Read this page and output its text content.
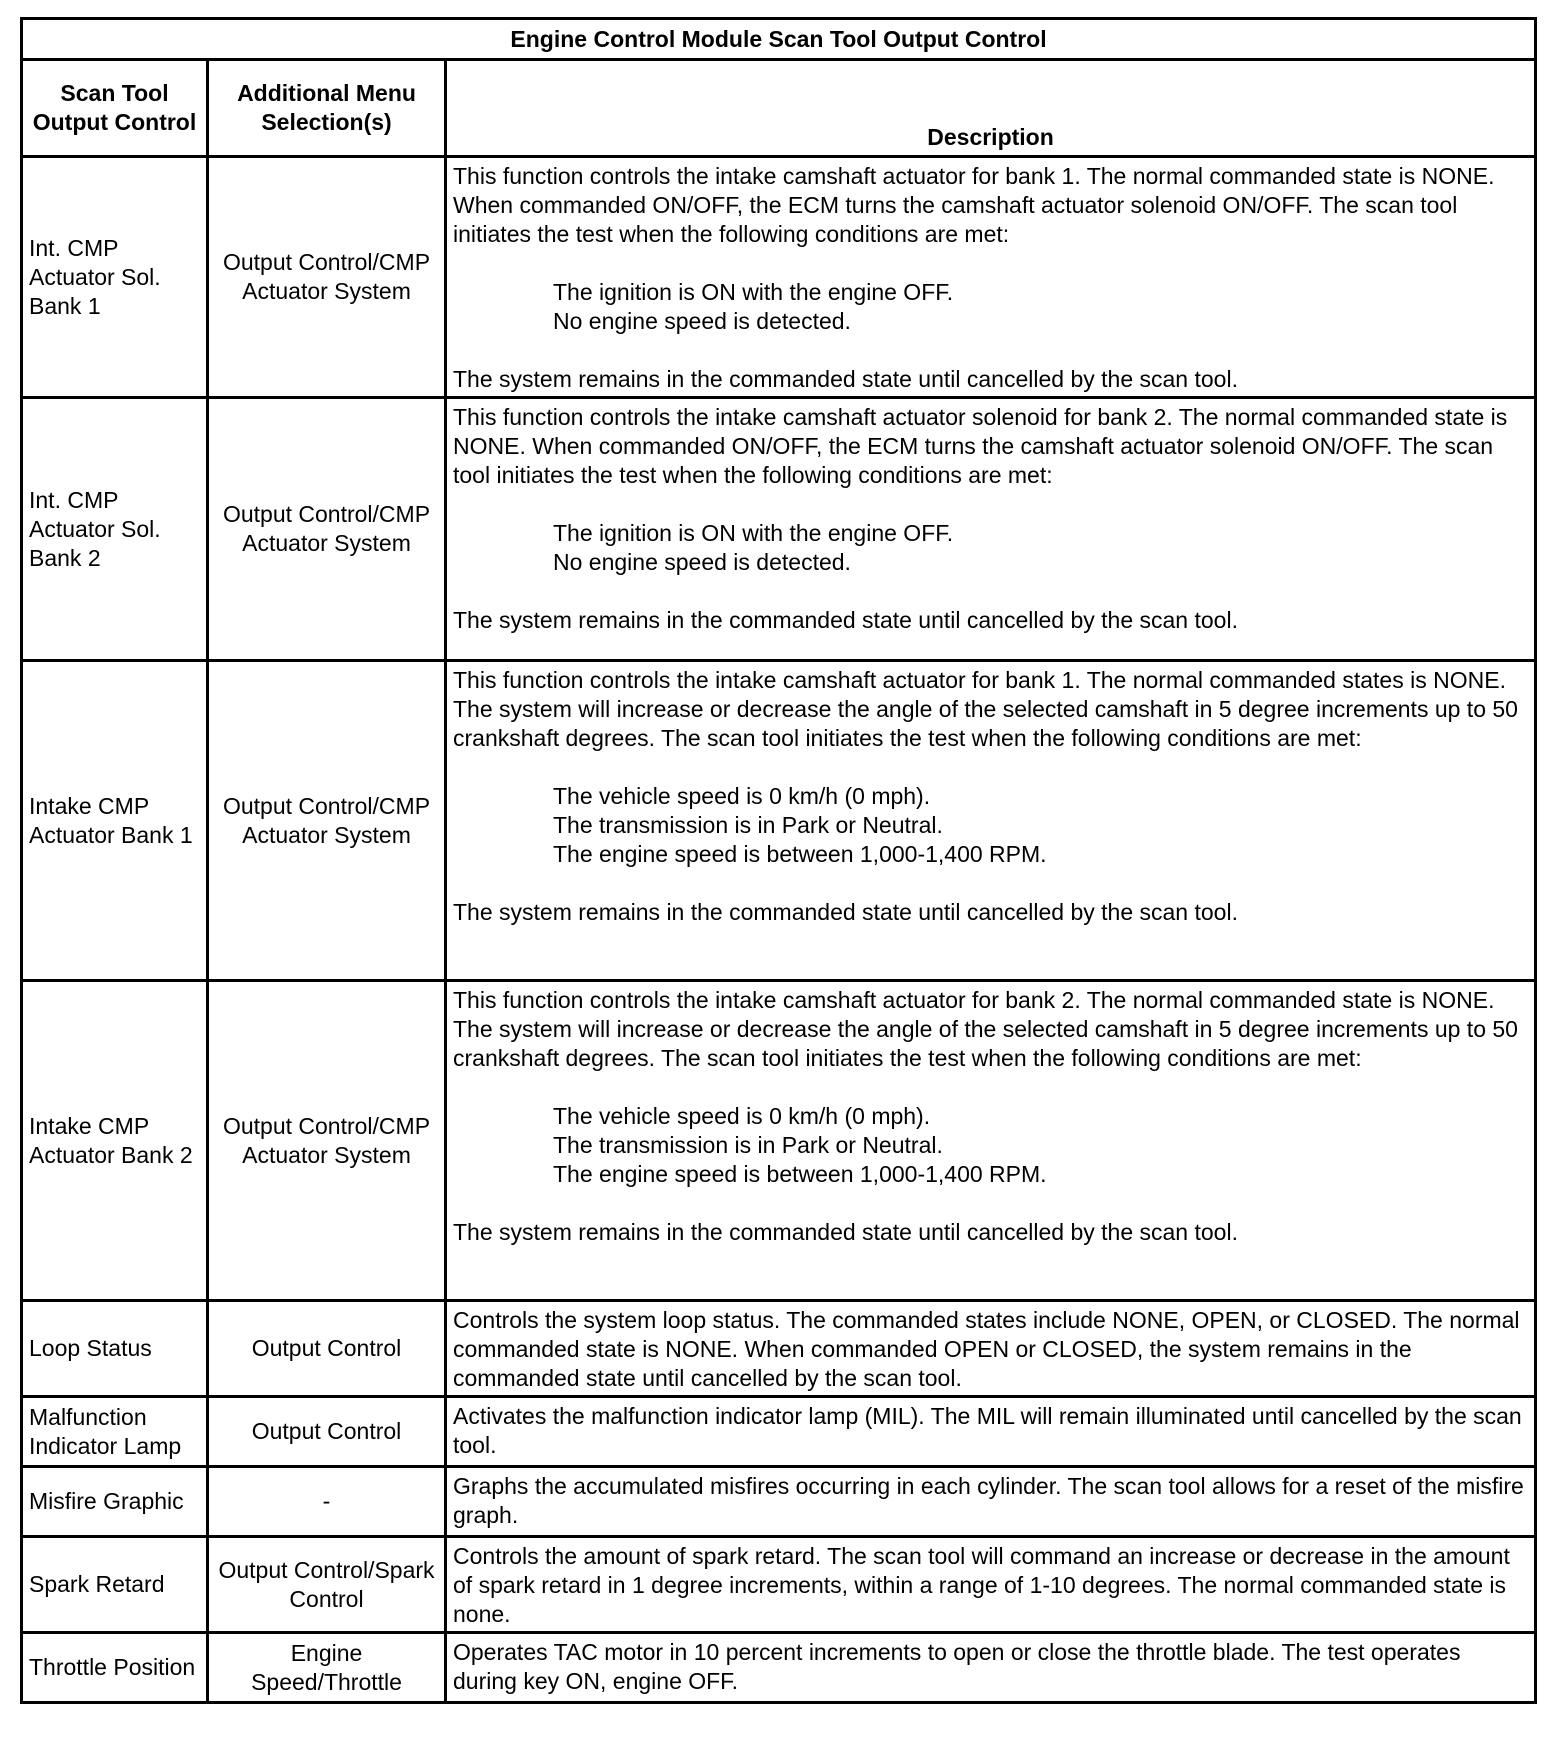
Engine Control Module Scan Tool Output Control		
Scan Tool Output Control	Additional Menu Selection(s)	Description
Int. CMP Actuator Sol. Bank 1	Output Control/CMP Actuator System	This function controls the intake camshaft actuator for bank 1. The normal commanded state is NONE. When commanded ON/OFF, the ECM turns the camshaft actuator solenoid ON/OFF. The scan tool initiates the test when the following conditions are met:
The ignition is ON with the engine OFF.
No engine speed is detected.
The system remains in the commanded state until cancelled by the scan tool.

Int. CMP Actuator Sol. Bank 2	Output Control/CMP Actuator System	This function controls the intake camshaft actuator solenoid for bank 2. The normal commanded state is NONE. When commanded ON/OFF, the ECM turns the camshaft actuator solenoid ON/OFF. The scan tool initiates the test when the following conditions are met:
The ignition is ON with the engine OFF.
No engine speed is detected.
The system remains in the commanded state until cancelled by the scan tool.

Intake CMP Actuator Bank 1	Output Control/CMP Actuator System	This function controls the intake camshaft actuator for bank 1. The normal commanded states is NONE. The system will increase or decrease the angle of the selected camshaft in 5 degree increments up to 50 crankshaft degrees. The scan tool initiates the test when the following conditions are met:
The vehicle speed is 0 km/h (0 mph).
The transmission is in Park or Neutral.
The engine speed is between 1,000-1,400 RPM.
The system remains in the commanded state until cancelled by the scan tool.

Intake CMP Actuator Bank 2	Output Control/CMP Actuator System	This function controls the intake camshaft actuator for bank 2. The normal commanded state is NONE. The system will increase or decrease the angle of the selected camshaft in 5 degree increments up to 50 crankshaft degrees. The scan tool initiates the test when the following conditions are met:
The vehicle speed is 0 km/h (0 mph).
The transmission is in Park or Neutral.
The engine speed is between 1,000-1,400 RPM.
The system remains in the commanded state until cancelled by the scan tool.

Loop Status	Output Control	Controls the system loop status. The commanded states include NONE, OPEN, or CLOSED. The normal commanded state is NONE. When commanded OPEN or CLOSED, the system remains in the commanded state until cancelled by the scan tool.
Malfunction Indicator Lamp	Output Control	Activates the malfunction indicator lamp (MIL). The MIL will remain illuminated until cancelled by the scan tool.
Misfire Graphic	-	Graphs the accumulated misfires occurring in each cylinder. The scan tool allows for a reset of the misfire graph.
Spark Retard	Output Control/Spark Control	Controls the amount of spark retard. The scan tool will command an increase or decrease in the amount of spark retard in 1 degree increments, within a range of 1-10 degrees. The normal commanded state is none.
Throttle Position	Engine Speed/Throttle	Operates TAC motor in 10 percent increments to open or close the throttle blade. The test operates during key ON, engine OFF.
